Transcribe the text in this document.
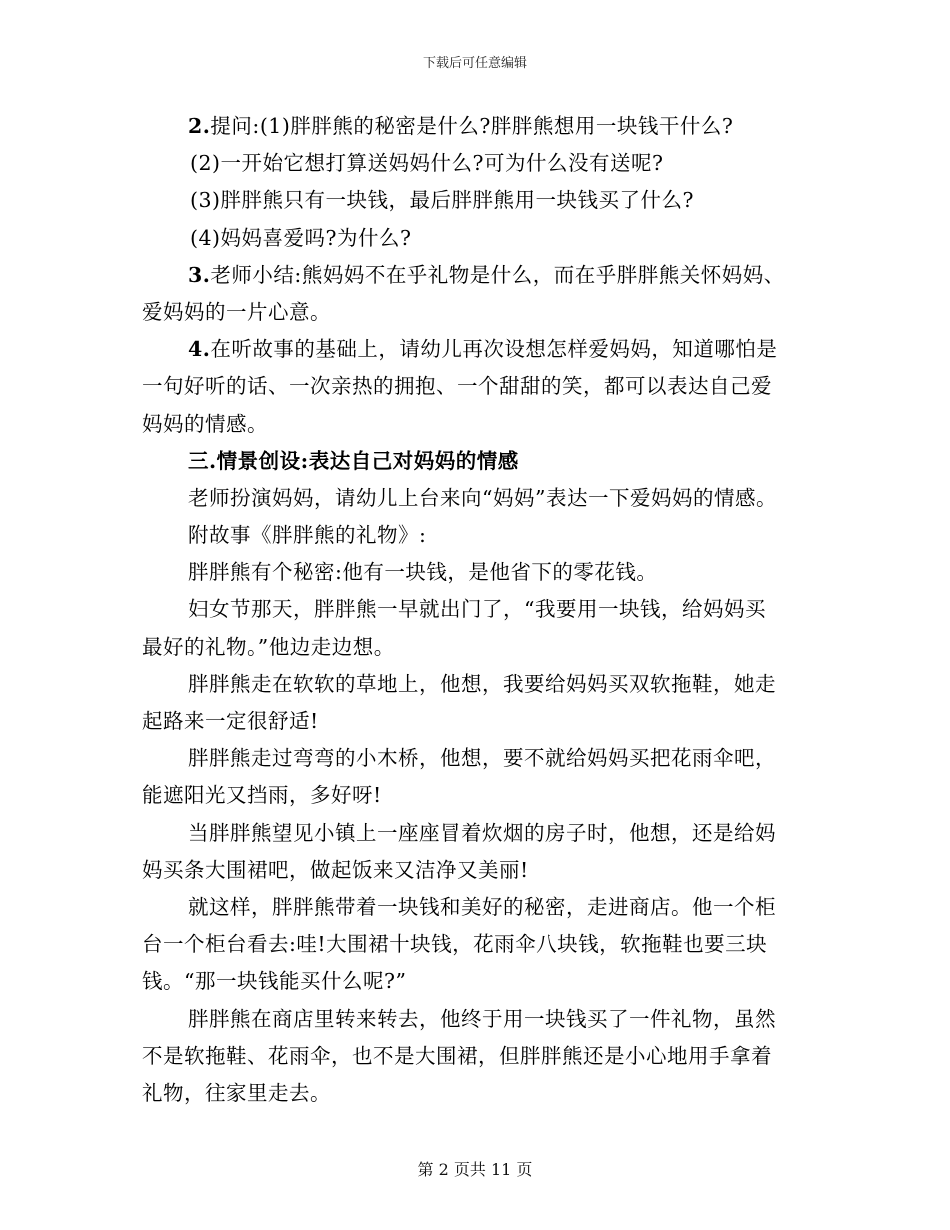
下载后可任意编辑
2.提问:(1)胖胖熊的秘密是什么?胖胖熊想用一块钱干什么?
(2)一开始它想打算送妈妈什么?可为什么没有送呢?
(3)胖胖熊只有一块钱，最后胖胖熊用一块钱买了什么?
(4)妈妈喜爱吗?为什么?
3.老师小结:熊妈妈不在乎礼物是什么，而在乎胖胖熊关怀妈妈、
爱妈妈的一片心意。
4.在听故事的基础上，请幼儿再次设想怎样爱妈妈，知道哪怕是
一句好听的话、一次亲热的拥抱、一个甜甜的笑，都可以表达自己爱
妈妈的情感。
三.情景创设:表达自己对妈妈的情感
老师扮演妈妈，请幼儿上台来向“妈妈”表达一下爱妈妈的情感。
附故事《胖胖熊的礼物》:
胖胖熊有个秘密:他有一块钱，是他省下的零花钱。
妇女节那天，胖胖熊一早就出门了，“我要用一块钱，给妈妈买
最好的礼物。”他边走边想。
胖胖熊走在软软的草地上，他想，我要给妈妈买双软拖鞋，她走
起路来一定很舒适!
胖胖熊走过弯弯的小木桥，他想，要不就给妈妈买把花雨伞吧，
能遮阳光又挡雨，多好呀!
当胖胖熊望见小镇上一座座冒着炊烟的房子时，他想，还是给妈
妈买条大围裙吧，做起饭来又洁净又美丽!
就这样，胖胖熊带着一块钱和美好的秘密，走进商店。他一个柜
台一个柜台看去:哇!大围裙十块钱，花雨伞八块钱，软拖鞋也要三块
钱。“那一块钱能买什么呢?”
胖胖熊在商店里转来转去，他终于用一块钱买了一件礼物，虽然
不是软拖鞋、花雨伞，也不是大围裙，但胖胖熊还是小心地用手拿着
礼物，往家里走去。
第 2 页共 11 页
